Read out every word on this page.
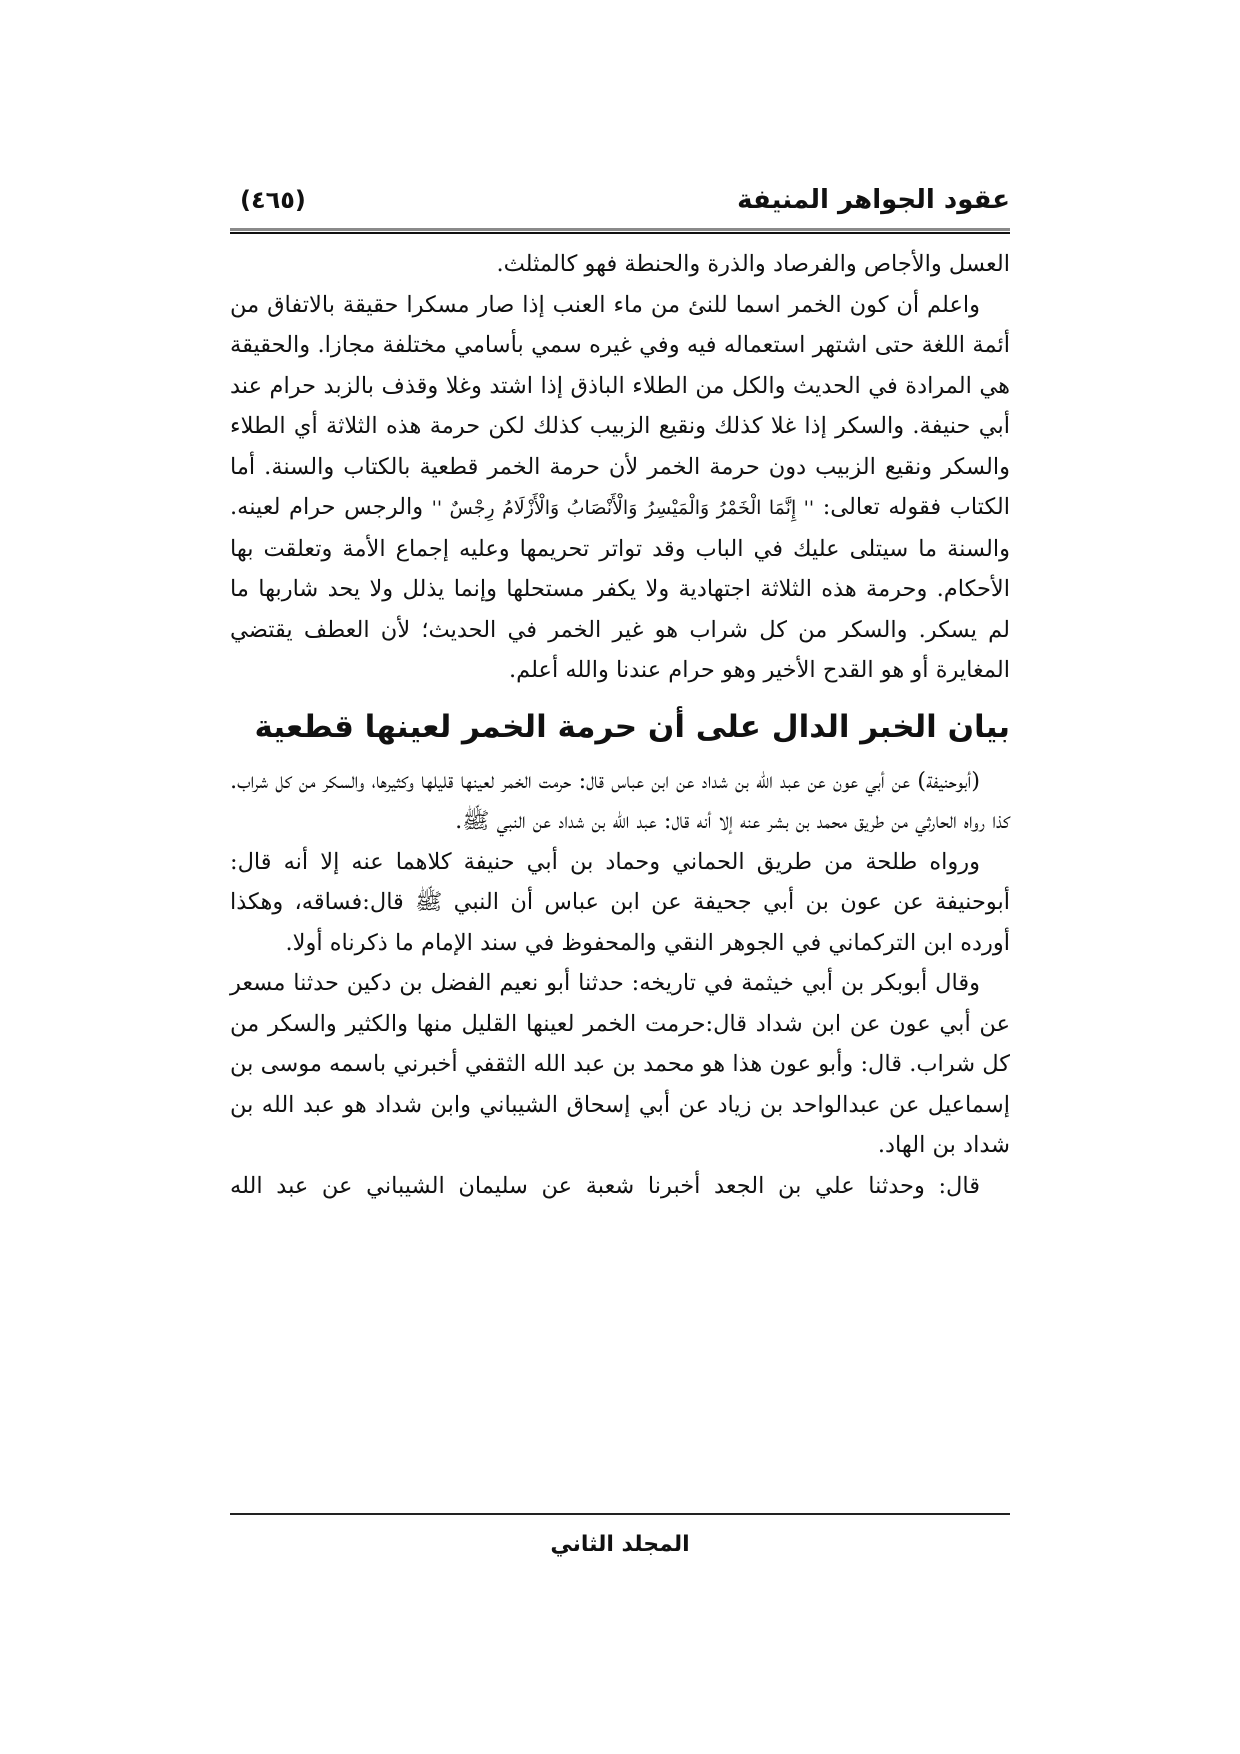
عقود الجواهر المنيفة
(٤٦٥)

العسل والأجاص والفرصاد والذرة والحنطة فهو كالمثلث.

واعلم أن كون الخمر اسما للنئ من ماء العنب إذا صار مسكرا حقيقة بالاتفاق من أئمة اللغة حتى اشتهر استعماله فيه وفي غيره سمي بأسامي مختلفة مجازا. والحقيقة هي المرادة في الحديث والكل من الطلاء الباذق إذا اشتد وغلا وقذف بالزبد حرام عند أبي حنيفة. والسكر إذا غلا كذلك ونقيع الزبيب كذلك لكن حرمة هذه الثلاثة أي الطلاء والسكر ونقيع الزبيب دون حرمة الخمر لأن حرمة الخمر قطعية بالكتاب والسنة. أما الكتاب فقوله تعالى: '' إِنَّمَا الْخَمْرُ وَالْمَيْسِرُ وَالْأَنْصَابُ وَالْأَزْلَامُ رِجْسٌ '' والرجس حرام لعينه. والسنة ما سيتلى عليك في الباب وقد تواتر تحريمها وعليه إجماع الأمة وتعلقت بها الأحكام. وحرمة هذه الثلاثة اجتهادية ولا يكفر مستحلها وإنما يذلل ولا يحد شاربها ما لم يسكر. والسكر من كل شراب هو غير الخمر في الحديث؛ لأن العطف يقتضي المغايرة أو هو القدح الأخير وهو حرام عندنا والله أعلم.

بيان الخبر الدال على أن حرمة الخمر لعينها قطعية

(أبوحنيفة) عن أبي عون عن عبد الله بن شداد عن ابن عباس قال: حرمت الخمر لعينها قليلها وكثيرها، والسكر من كل شراب. كذا رواه الحارثي من طريق محمد بن بشر عنه إلا أنه قال: عبد الله بن شداد عن النبي ﷺ.

ورواه طلحة من طريق الحماني وحماد بن أبي حنيفة كلاهما عنه إلا أنه قال: أبوحنيفة عن عون بن أبي جحيفة عن ابن عباس أن النبي ﷺ قال:فساقه، وهكذا أورده ابن التركماني في الجوهر النقي والمحفوظ في سند الإمام ما ذكرناه أولا.

وقال أبوبكر بن أبي خيثمة في تاريخه: حدثنا أبو نعيم الفضل بن دكين حدثنا مسعر عن أبي عون عن ابن شداد قال:حرمت الخمر لعينها القليل منها والكثير والسكر من كل شراب. قال: وأبو عون هذا هو محمد بن عبد الله الثقفي أخبرني باسمه موسى بن إسماعيل عن عبدالواحد بن زياد عن أبي إسحاق الشيباني وابن شداد هو عبد الله بن شداد بن الهاد.

قال: وحدثنا علي بن الجعد أخبرنا شعبة عن سليمان الشيباني عن عبد الله

المجلد الثاني
